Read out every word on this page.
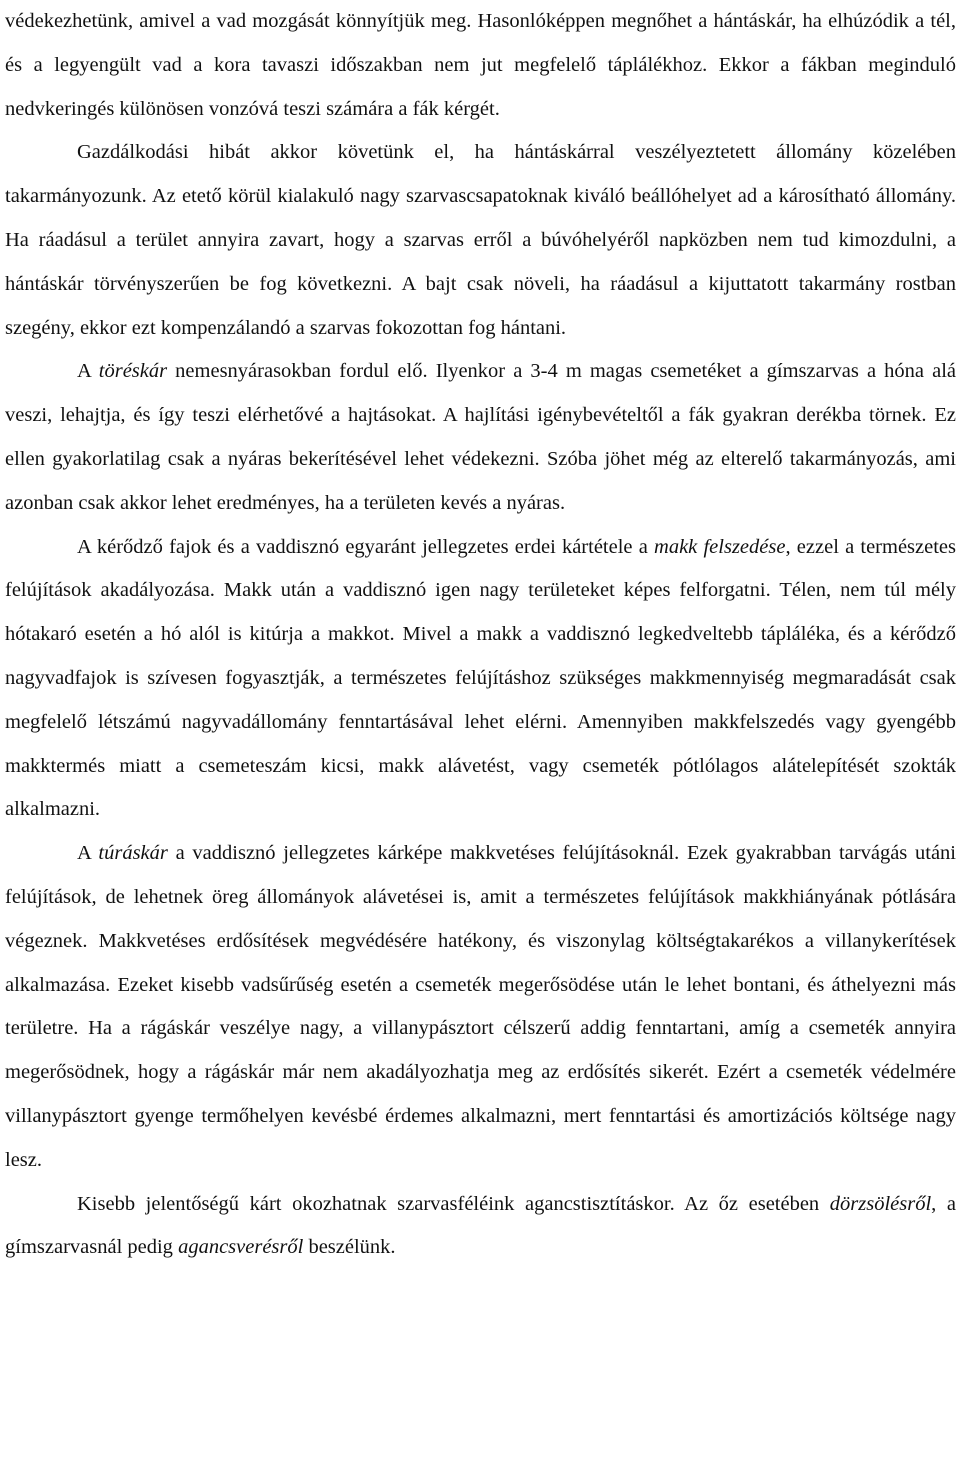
védekezhetünk, amivel a vad mozgását könnyítjük meg. Hasonlóképpen megnőhet a hántáskár, ha elhúzódik a tél, és a legyengült vad a kora tavaszi időszakban nem jut megfelelő táplálékhoz. Ekkor a fákban meginduló nedvkeringés különösen vonzóvá teszi számára a fák kérgét.

Gazdálkodási hibát akkor követünk el, ha hántáskárral veszélyeztetett állomány közelében takarmányozunk. Az etető körül kialakuló nagy szarvascsapatoknak kiváló beállóhelyet ad a károsítható állomány. Ha ráadásul a terület annyira zavart, hogy a szarvas erről a búvóhelyéről napközben nem tud kimozdulni, a hántáskár törvényszerűen be fog következni. A bajt csak növeli, ha ráadásul a kijuttatott takarmány rostban szegény, ekkor ezt kompenzálandó a szarvas fokozottan fog hántani.

A töréskár nemesnyárasokban fordul elő. Ilyenkor a 3-4 m magas csemetéket a gímszarvas a hóna alá veszi, lehajtja, és így teszi elérhetővé a hajtásokat. A hajlítási igénybevételtől a fák gyakran derékba törnek. Ez ellen gyakorlatilag csak a nyáras bekerítésével lehet védekezni. Szóba jöhet még az elterelő takarmányozás, ami azonban csak akkor lehet eredményes, ha a területen kevés a nyáras.

A kérődző fajok és a vaddisznó egyaránt jellegzetes erdei kártétele a makk felszedése, ezzel a természetes felújítások akadályozása. Makk után a vaddisznó igen nagy területeket képes felforgatni. Télen, nem túl mély hótakaró esetén a hó alól is kitúrja a makkot. Mivel a makk a vaddisznó legkedveltebb tápláléka, és a kérődző nagyvadfajok is szívesen fogyasztják, a természetes felújításhoz szükséges makkmennyiség megmaradását csak megfelelő létszámú nagyvadállomány fenntartásával lehet elérni. Amennyiben makkfelszedés vagy gyengébb makktermés miatt a csemeteszám kicsi, makk alávetést, vagy csemeték pótlólagos alátelepítését szokták alkalmazni.

A túráskár a vaddisznó jellegzetes kárképe makkvetéses felújításoknál. Ezek gyakrabban tarvágás utáni felújítások, de lehetnek öreg állományok alávetései is, amit a természetes felújítások makkhiányának pótlására végeznek. Makkvetéses erdősítések megvédésére hatékony, és viszonylag költségtakarékos a villanykerítések alkalmazása. Ezeket kisebb vadsűrűség esetén a csemeték megerősödése után le lehet bontani, és áthelyezni más területre. Ha a rágáskár veszélye nagy, a villanypásztort célszerű addig fenntartani, amíg a csemeték annyira megerősödnek, hogy a rágáskár már nem akadályozhatja meg az erdősítés sikerét. Ezért a csemeték védelmére villanypásztort gyenge termőhelyen kevésbé érdemes alkalmazni, mert fenntartási és amortizációs költsége nagy lesz.

Kisebb jelentőségű kárt okozhatnak szarvasféléink agancstisztításkor. Az őz esetében dörzsölésről, a gímszarvasnál pedig agancsverésről beszélünk.
